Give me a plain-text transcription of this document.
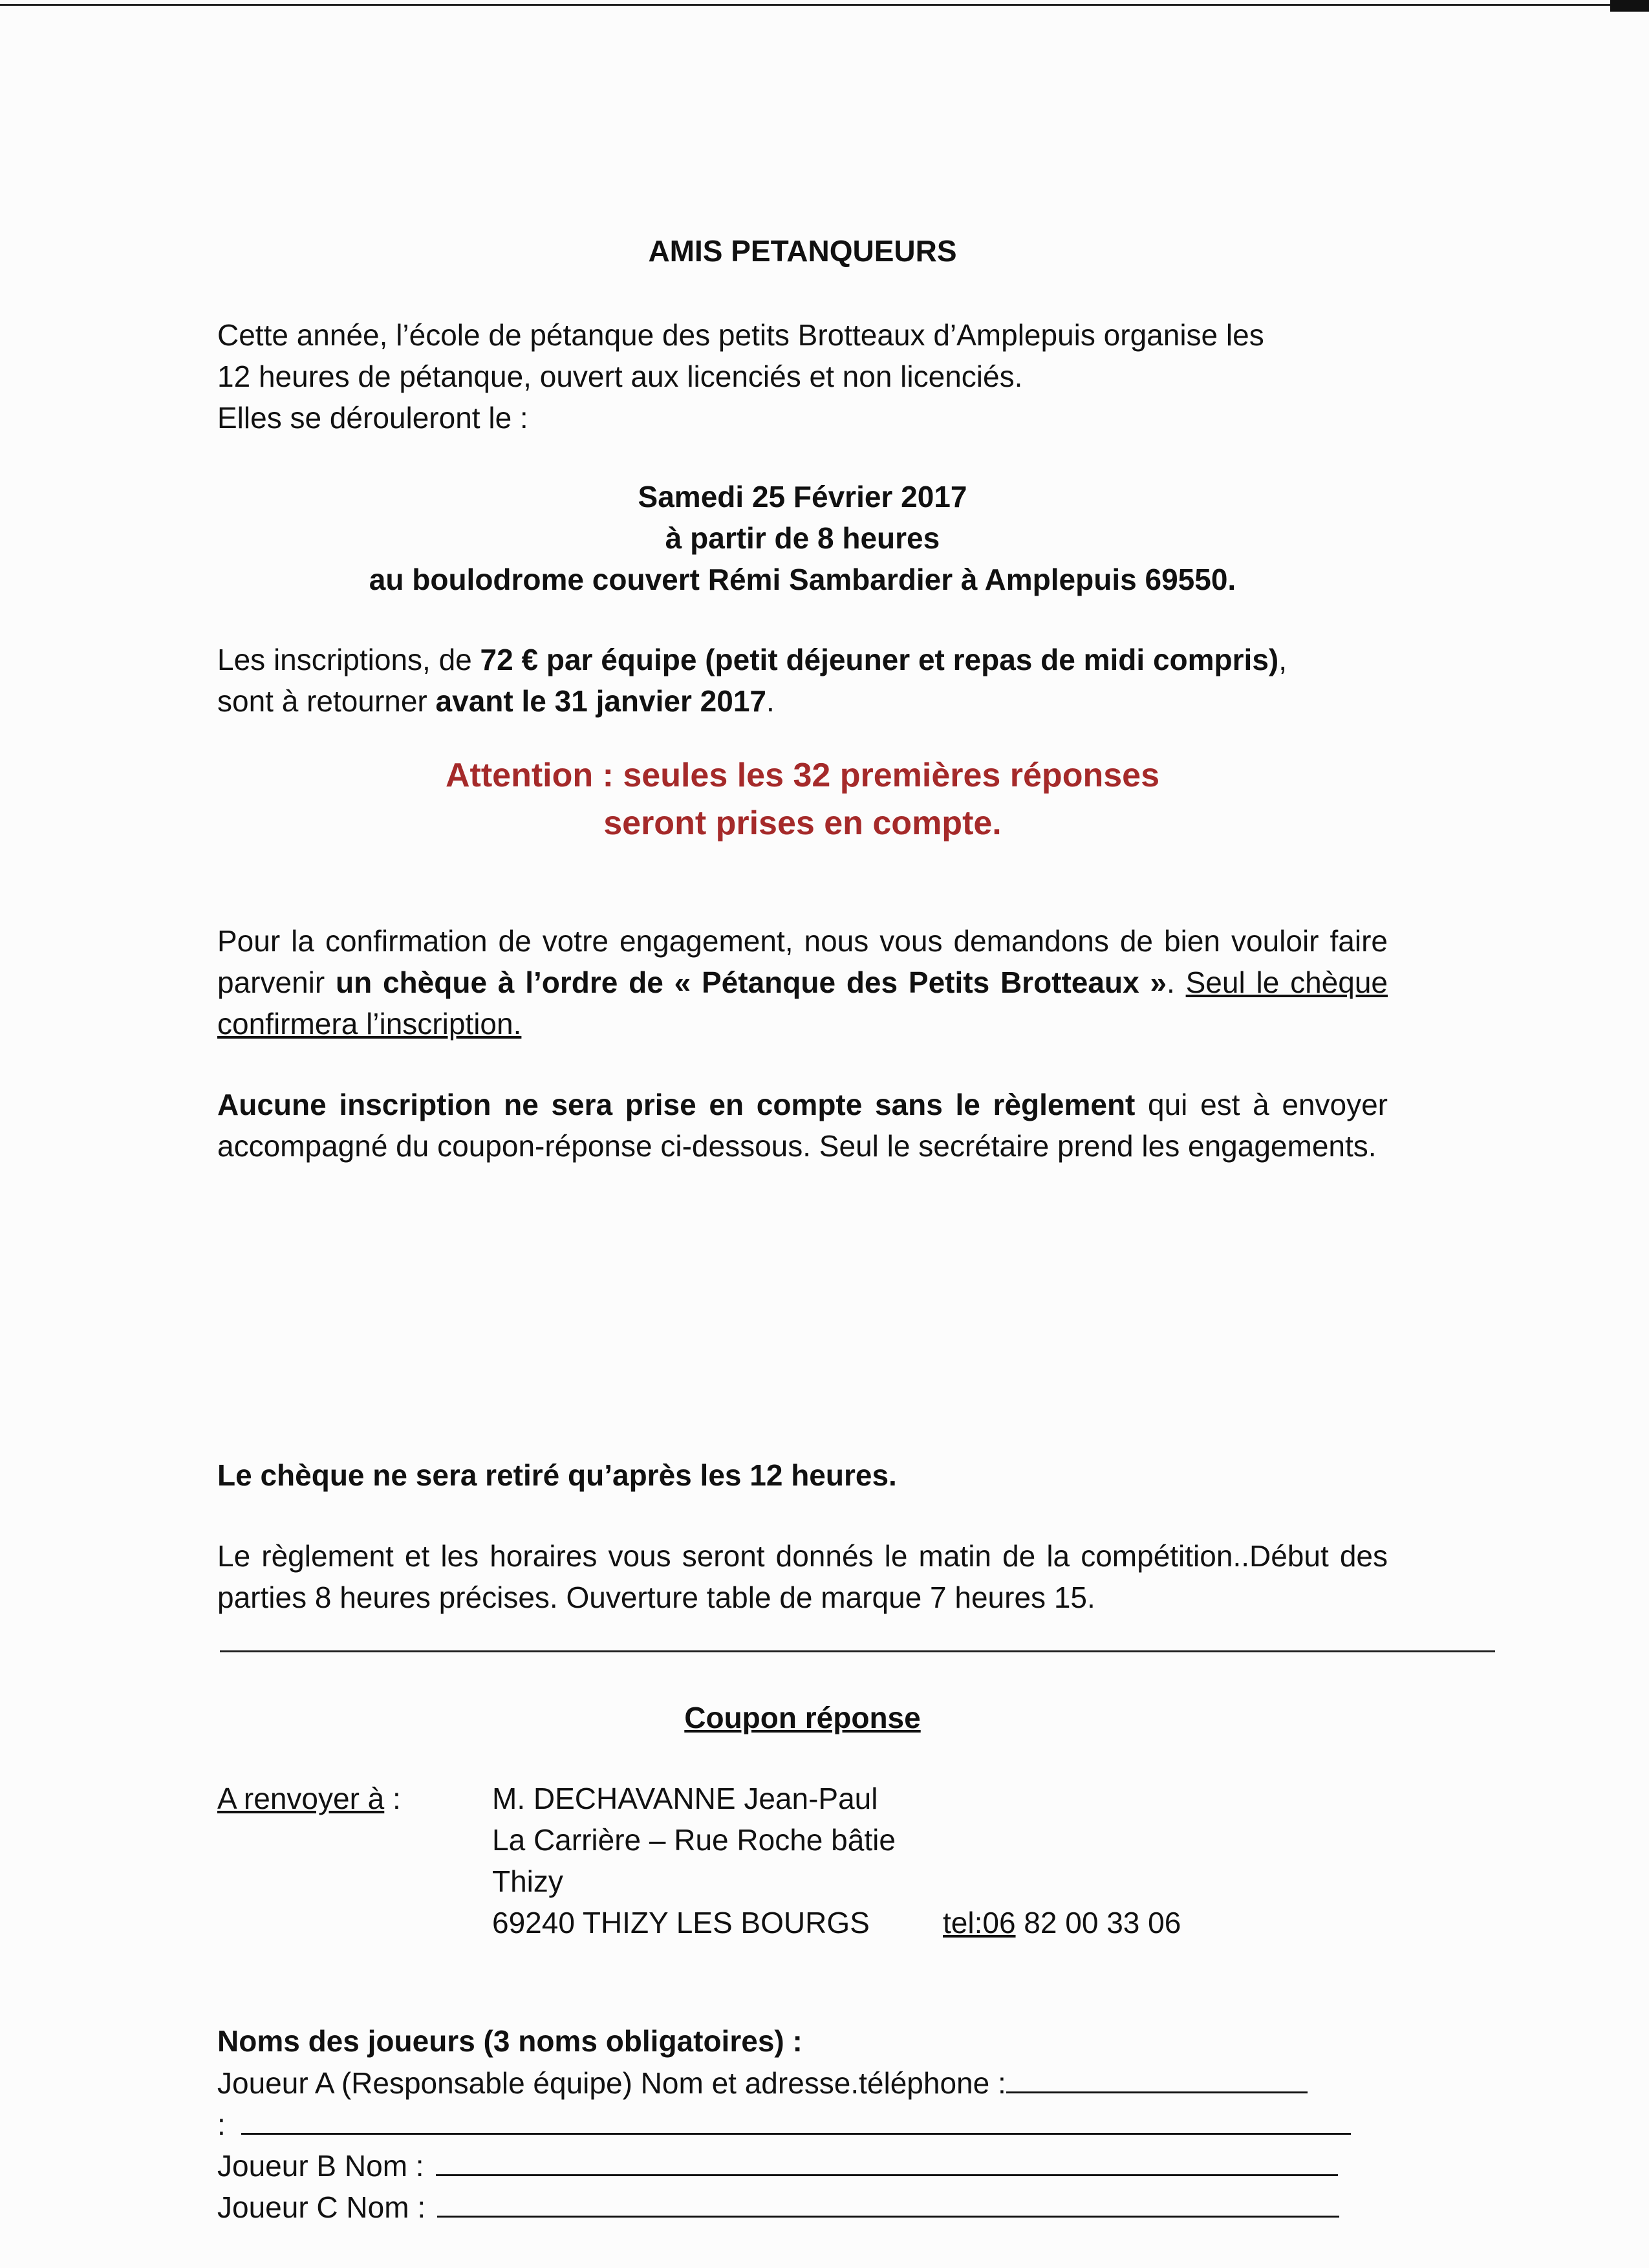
AMIS PETANQUEURS
Cette année, l’école de pétanque des petits Brotteaux d’Amplepuis organise les
12 heures de pétanque, ouvert aux licenciés et non licenciés.
Elles se dérouleront le :
Samedi 25 Février 2017
à partir de 8 heures
au boulodrome couvert Rémi Sambardier à Amplepuis 69550.
Les inscriptions, de 72 € par équipe (petit déjeuner et repas de midi compris),
sont à retourner avant le 31 janvier 2017.
Attention : seules les 32 premières réponses
seront prises en compte.
Pour la confirmation de votre engagement, nous vous demandons de bien vouloir faire parvenir un chèque à l’ordre de « Pétanque des Petits Brotteaux ». Seul le chèque confirmera l’inscription.
Aucune inscription ne sera prise en compte sans le règlement qui est à envoyer accompagné du coupon-réponse ci-dessous. Seul le secrétaire prend les engagements.
Le chèque ne sera retiré qu’après les 12 heures.
Le règlement et les horaires vous seront donnés le matin de la compétition..Début des parties 8 heures précises. Ouverture table de marque 7 heures 15.
Coupon réponse
A renvoyer à :	M. DECHAVANNE Jean-Paul
La Carrière – Rue Roche bâtie
Thizy
69240 THIZY LES BOURGS tel:06 82 00 33 06
Noms des joueurs (3 noms obligatoires) :
Joueur A (Responsable équipe) Nom et adresse.téléphone :
:
Joueur B Nom :
Joueur C Nom :
